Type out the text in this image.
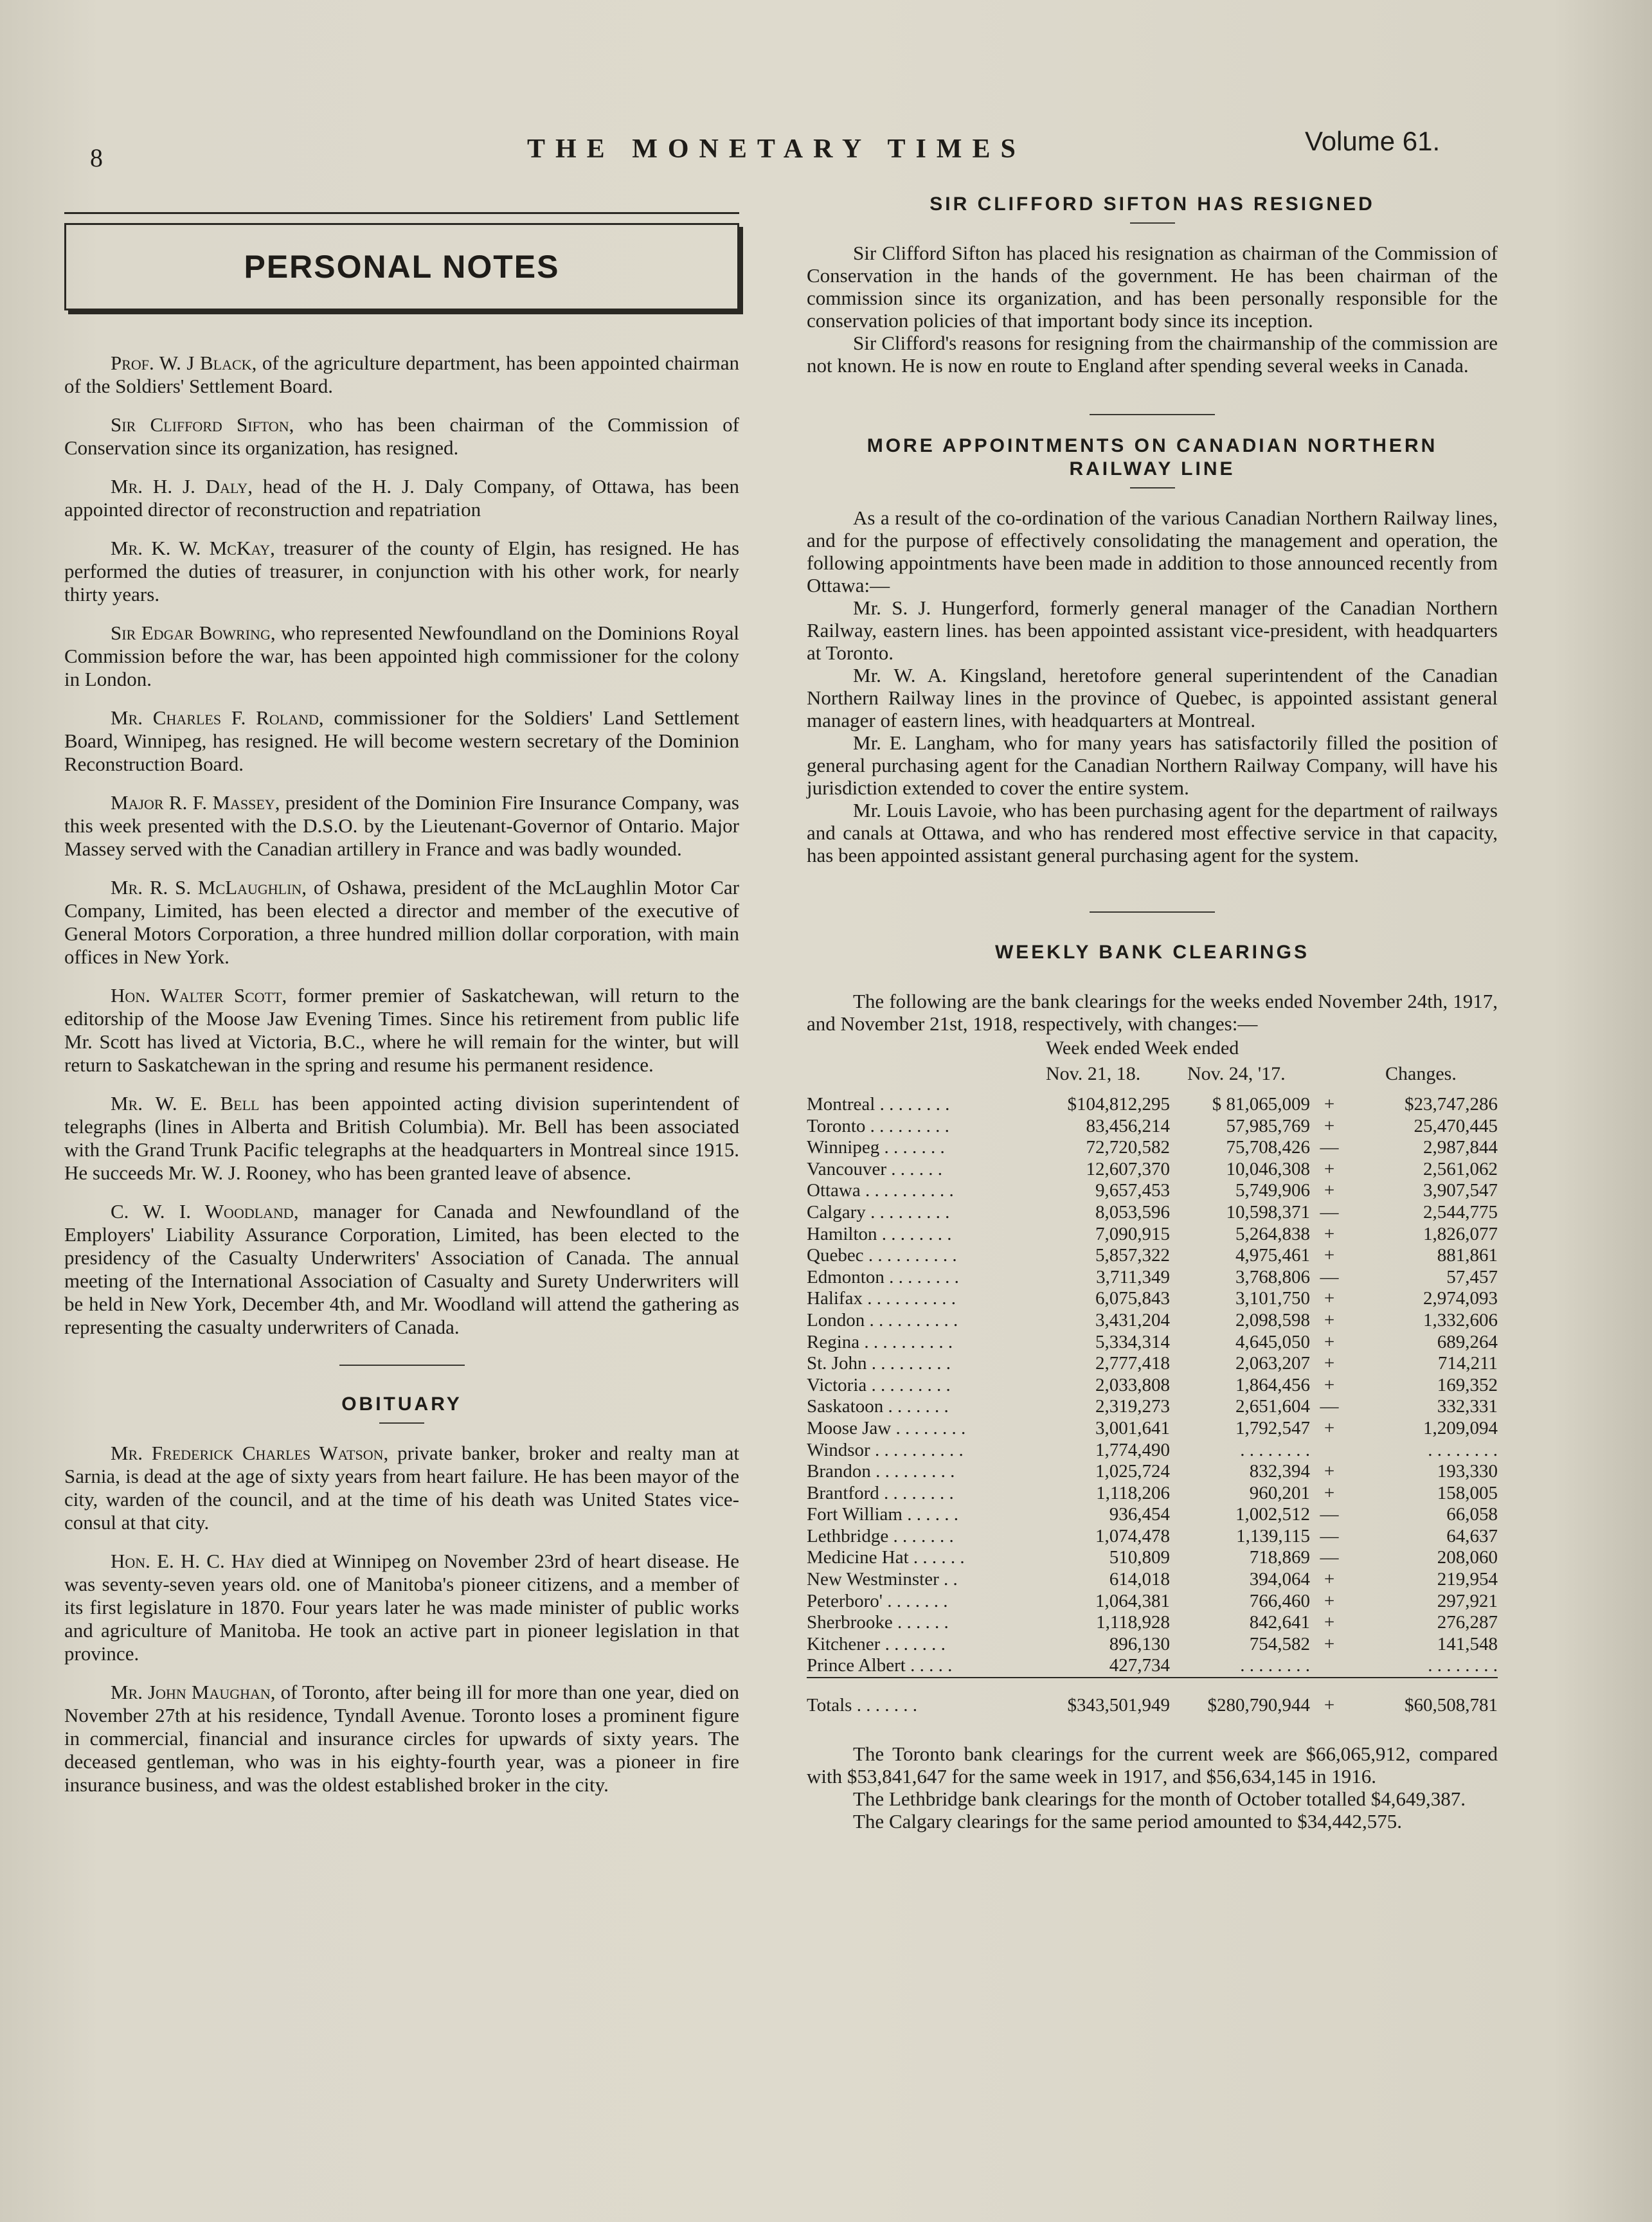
8	THE MONETARY TIMES	Volume 61.
PERSONAL NOTES

Prof. W. J Black, of the agriculture department, has been appointed chairman of the Soldiers' Settlement Board.

Sir Clifford Sifton, who has been chairman of the Commission of Conservation since its organization, has resigned.

Mr. H. J. Daly, head of the H. J. Daly Company, of Ottawa, has been appointed director of reconstruction and repatriation

Mr. K. W. McKay, treasurer of the county of Elgin, has resigned. He has performed the duties of treasurer, in conjunction with his other work, for nearly thirty years.

Sir Edgar Bowring, who represented Newfoundland on the Dominions Royal Commission before the war, has been appointed high commissioner for the colony in London.

Mr. Charles F. Roland, commissioner for the Soldiers' Land Settlement Board, Winnipeg, has resigned. He will become western secretary of the Dominion Reconstruction Board.

Major R. F. Massey, president of the Dominion Fire Insurance Company, was this week presented with the D.S.O. by the Lieutenant-Governor of Ontario. Major Massey served with the Canadian artillery in France and was badly wounded.

Mr. R. S. McLaughlin, of Oshawa, president of the McLaughlin Motor Car Company, Limited, has been elected a director and member of the executive of General Motors Corporation, a three hundred million dollar corporation, with main offices in New York.

Hon. Walter Scott, former premier of Saskatchewan, will return to the editorship of the Moose Jaw Evening Times. Since his retirement from public life Mr. Scott has lived at Victoria, B.C., where he will remain for the winter, but will return to Saskatchewan in the spring and resume his permanent residence.

Mr. W. E. Bell has been appointed acting division superintendent of telegraphs (lines in Alberta and British Columbia). Mr. Bell has been associated with the Grand Trunk Pacific telegraphs at the headquarters in Montreal since 1915. He succeeds Mr. W. J. Rooney, who has been granted leave of absence.

C. W. I. Woodland, manager for Canada and Newfoundland of the Employers' Liability Assurance Corporation, Limited, has been elected to the presidency of the Casualty Underwriters' Association of Canada. The annual meeting of the International Association of Casualty and Surety Underwriters will be held in New York, December 4th, and Mr. Woodland will attend the gathering as representing the casualty underwriters of Canada.

OBITUARY

Mr. Frederick Charles Watson, private banker, broker and realty man at Sarnia, is dead at the age of sixty years from heart failure. He has been mayor of the city, warden of the council, and at the time of his death was United States vice-consul at that city.

Hon. E. H. C. Hay died at Winnipeg on November 23rd of heart disease. He was seventy-seven years old. one of Manitoba's pioneer citizens, and a member of its first legislature in 1870. Four years later he was made minister of public works and agriculture of Manitoba. He took an active part in pioneer legislation in that province.

Mr. John Maughan, of Toronto, after being ill for more than one year, died on November 27th at his residence, Tyndall Avenue. Toronto loses a prominent figure in commercial, financial and insurance circles for upwards of sixty years. The deceased gentleman, who was in his eighty-fourth year, was a pioneer in fire insurance business, and was the oldest established broker in the city.

SIR CLIFFORD SIFTON HAS RESIGNED

Sir Clifford Sifton has placed his resignation as chairman of the Commission of Conservation in the hands of the government. He has been chairman of the commission since its organization, and has been personally responsible for the conservation policies of that important body since its inception.

Sir Clifford's reasons for resigning from the chairmanship of the commission are not known. He is now en route to England after spending several weeks in Canada.

MORE APPOINTMENTS ON CANADIAN NORTHERN RAILWAY LINE

As a result of the co-ordination of the various Canadian Northern Railway lines, and for the purpose of effectively consolidating the management and operation, the following appointments have been made in addition to those announced recently from Ottawa:—

Mr. S. J. Hungerford, formerly general manager of the Canadian Northern Railway, eastern lines. has been appointed assistant vice-president, with headquarters at Toronto.

Mr. W. A. Kingsland, heretofore general superintendent of the Canadian Northern Railway lines in the province of Quebec, is appointed assistant general manager of eastern lines, with headquarters at Montreal.

Mr. E. Langham, who for many years has satisfactorily filled the position of general purchasing agent for the Canadian Northern Railway Company, will have his jurisdiction extended to cover the entire system.

Mr. Louis Lavoie, who has been purchasing agent for the department of railways and canals at Ottawa, and who has rendered most effective service in that capacity, has been appointed assistant general purchasing agent for the system.

WEEKLY BANK CLEARINGS

The following are the bank clearings for the weeks ended November 24th, 1917, and November 21st, 1918, respectively, with changes:—

Week ended Week ended
Nov. 21, 18. Nov. 24, '17.	Changes.
Montreal . . . . . . . .	$104,812,295	$ 81,065,009	+	$23,747,286
Toronto . . . . . . . . .	83,456,214	57,985,769	+	25,470,445
Winnipeg . . . . . . .	72,720,582	75,708,426	—	2,987,844
Vancouver . . . . . .	12,607,370	10,046,308	+	2,561,062
Ottawa . . . . . . . . . .	9,657,453	5,749,906	+	3,907,547
Calgary . . . . . . . . .	8,053,596	10,598,371	—	2,544,775
Hamilton . . . . . . . .	7,090,915	5,264,838	+	1,826,077
Quebec . . . . . . . . . .	5,857,322	4,975,461	+	881,861
Edmonton . . . . . . . .	3,711,349	3,768,806	—	57,457
Halifax . . . . . . . . . .	6,075,843	3,101,750	+	2,974,093
London . . . . . . . . . .	3,431,204	2,098,598	+	1,332,606
Regina . . . . . . . . . .	5,334,314	4,645,050	+	689,264
St. John . . . . . . . . .	2,777,418	2,063,207	+	714,211
Victoria . . . . . . . . .	2,033,808	1,864,456	+	169,352
Saskatoon . . . . . . .	2,319,273	2,651,604	—	332,331
Moose Jaw . . . . . . . .	3,001,641	1,792,547	+	1,209,094
Windsor . . . . . . . . . .	1,774,490	. . . . . . . .		. . . . . . . .
Brandon . . . . . . . . .	1,025,724	832,394	+	193,330
Brantford . . . . . . . .	1,118,206	960,201	+	158,005
Fort William . . . . . .	936,454	1,002,512	—	66,058
Lethbridge . . . . . . .	1,074,478	1,139,115	—	64,637
Medicine Hat . . . . . .	510,809	718,869	—	208,060
New Westminster . .	614,018	394,064	+	219,954
Peterboro' . . . . . . .	1,064,381	766,460	+	297,921
Sherbrooke . . . . . .	1,118,928	842,641	+	276,287
Kitchener . . . . . . .	896,130	754,582	+	141,548
Prince Albert . . . . .	427,734	. . . . . . . .		. . . . . . . .
Totals . . . . . . .	$343,501,949	$280,790,944	+	$60,508,781

The Toronto bank clearings for the current week are $66,065,912, compared with $53,841,647 for the same week in 1917, and $56,634,145 in 1916.

The Lethbridge bank clearings for the month of October totalled $4,649,387.

The Calgary clearings for the same period amounted to $34,442,575.
